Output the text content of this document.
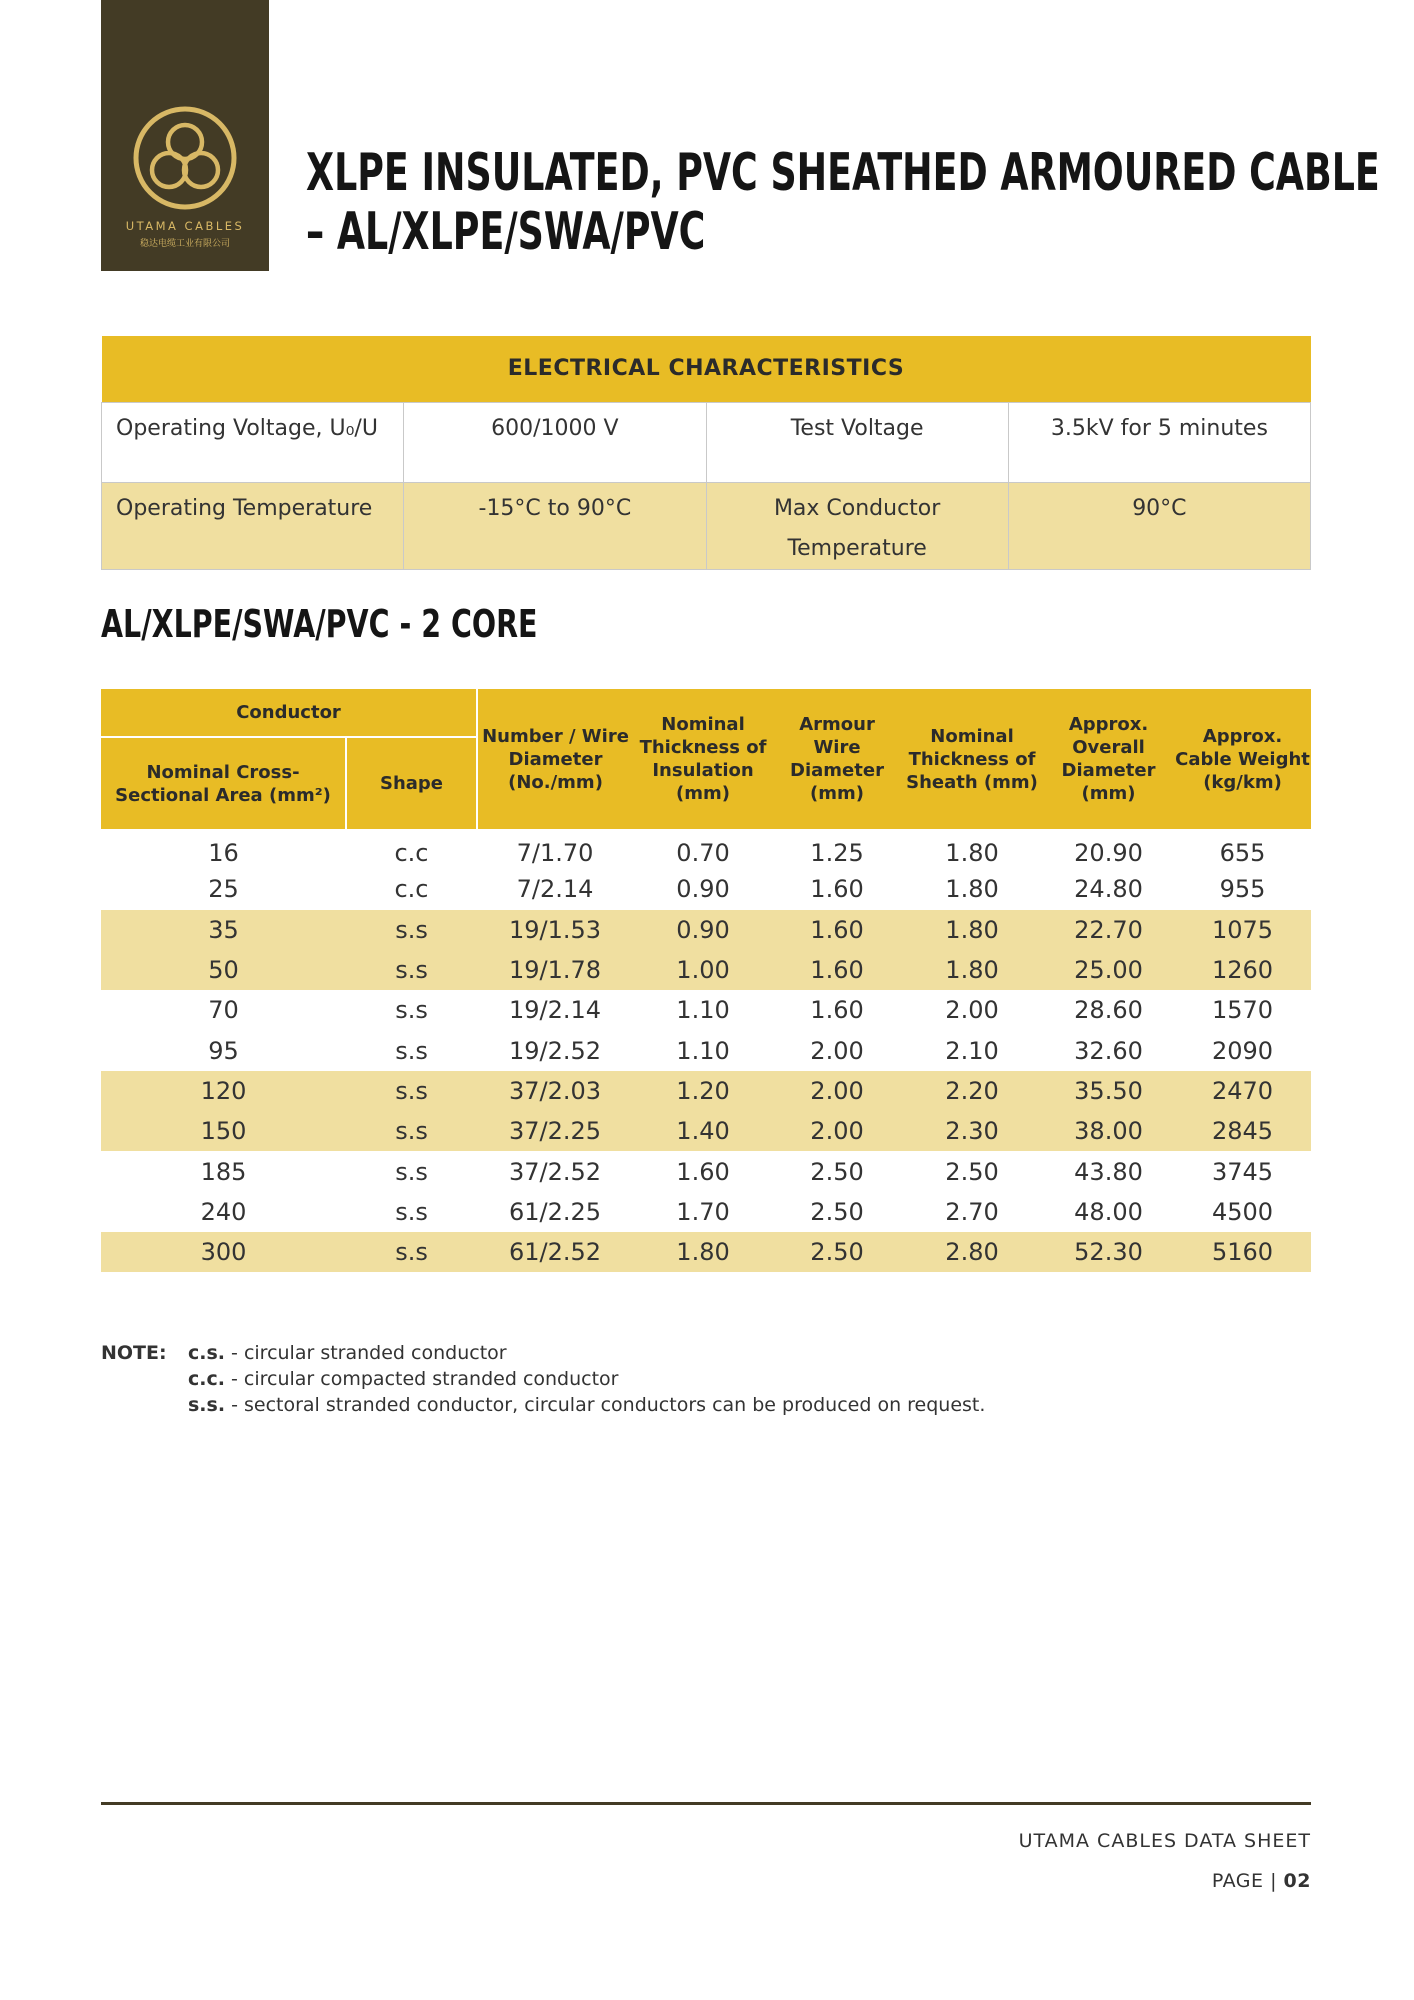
UTAMA CABLES
稳达电缆工业有限公司
XLPE INSULATED, PVC SHEATHED ARMOURED CABLE
– AL/XLPE/SWA/PVC
ELECTRICAL CHARACTERISTICS			
Operating Voltage, U₀/U	600/1000 V	Test Voltage	3.5kV for 5 minutes
Operating Temperature	-15°C to 90°C	Max Conductor Temperature	90°C
AL/XLPE/SWA/PVC - 2 CORE
Conductor		Number / Wire Diameter (No./mm)	Nominal Thickness of Insulation (mm)	Armour Wire Diameter (mm)	Nominal Thickness of Sheath (mm)	Approx. Overall Diameter (mm)	Approx. Cable Weight (kg/km)
Nominal Cross-Sectional Area (mm²)	Shape						
16	c.c	7/1.70	0.70	1.25	1.80	20.90	655
25	c.c	7/2.14	0.90	1.60	1.80	24.80	955
35	s.s	19/1.53	0.90	1.60	1.80	22.70	1075
50	s.s	19/1.78	1.00	1.60	1.80	25.00	1260
70	s.s	19/2.14	1.10	1.60	2.00	28.60	1570
95	s.s	19/2.52	1.10	2.00	2.10	32.60	2090
120	s.s	37/2.03	1.20	2.00	2.20	35.50	2470
150	s.s	37/2.25	1.40	2.00	2.30	38.00	2845
185	s.s	37/2.52	1.60	2.50	2.50	43.80	3745
240	s.s	61/2.25	1.70	2.50	2.70	48.00	4500
300	s.s	61/2.52	1.80	2.50	2.80	52.30	5160
NOTE: c.s. - circular stranded conductor
c.c. - circular compacted stranded conductor
s.s. - sectoral stranded conductor, circular conductors can be produced on request.
UTAMA CABLES DATA SHEET
PAGE | 02
